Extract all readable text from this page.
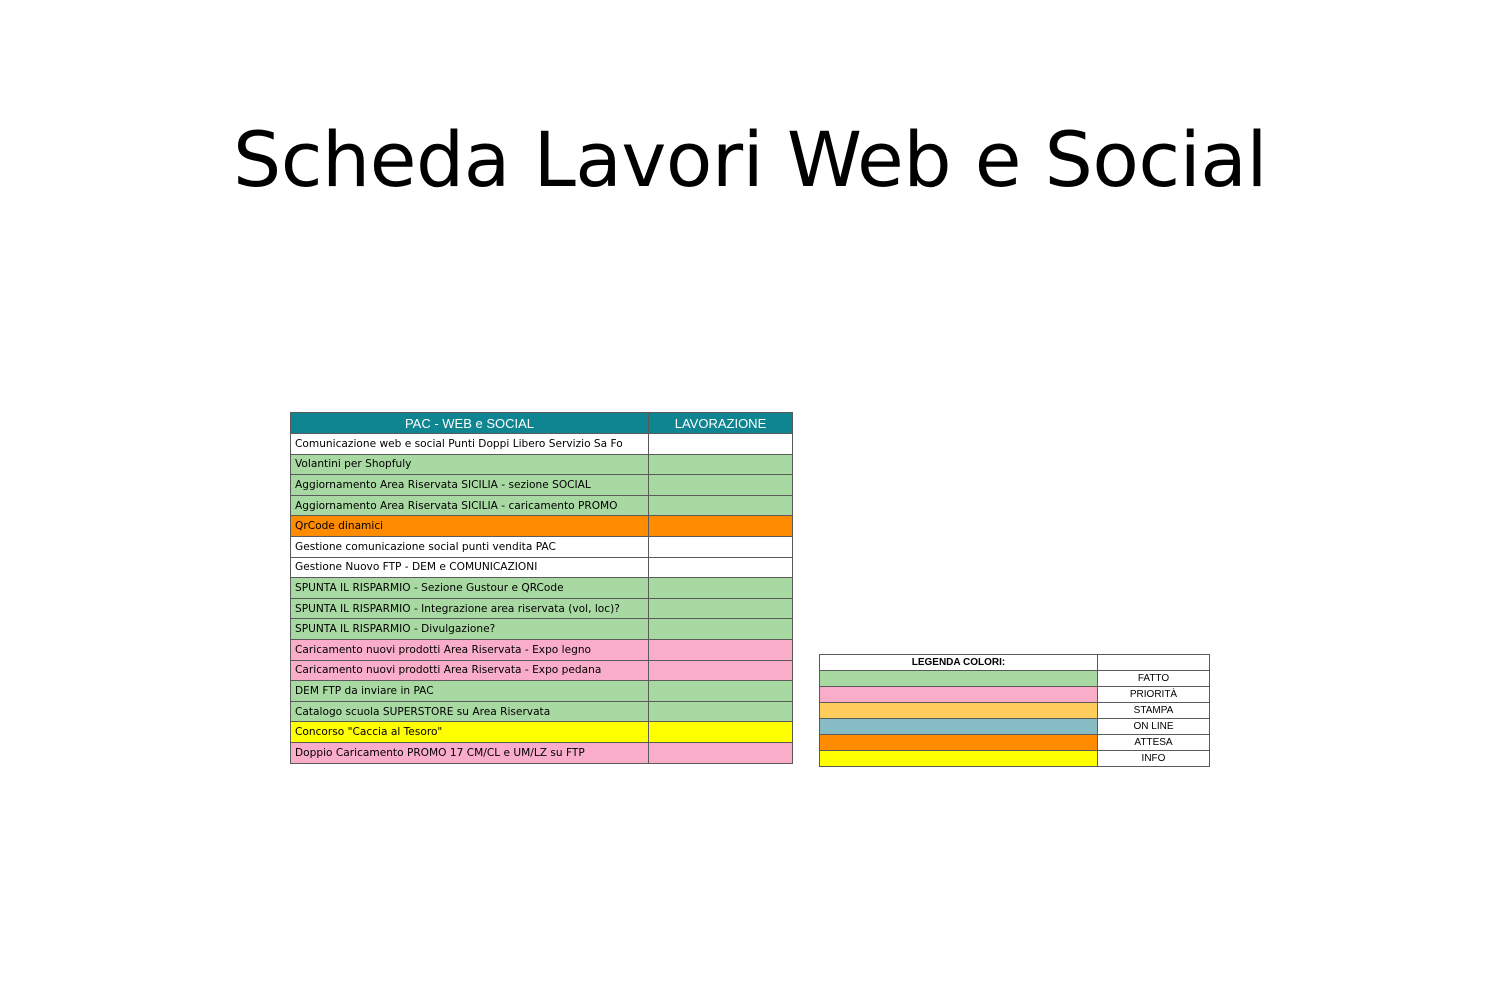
Scheda Lavori Web e Social
PAC - WEB e SOCIAL	LAVORAZIONE
Comunicazione web e social Punti Doppi Libero Servizio Sa Fo	
Volantini per Shopfuly	
Aggiornamento Area Riservata SICILIA - sezione SOCIAL	
Aggiornamento Area Riservata SICILIA - caricamento PROMO	
QrCode dinamici	
Gestione comunicazione social punti vendita PAC	
Gestione Nuovo FTP - DEM e COMUNICAZIONI	
SPUNTA IL RISPARMIO - Sezione Gustour e QRCode	
SPUNTA IL RISPARMIO - Integrazione area riservata (vol, loc)?	
SPUNTA IL RISPARMIO - Divulgazione?	
Caricamento nuovi prodotti Area Riservata - Expo legno	
Caricamento nuovi prodotti Area Riservata - Expo pedana	
DEM FTP da inviare in PAC	
Catalogo scuola SUPERSTORE su Area Riservata	
Concorso "Caccia al Tesoro"	
Doppio Caricamento PROMO 17 CM/CL e UM/LZ su FTP	
LEGENDA COLORI:	
	FATTO
	PRIORITÀ
	STAMPA
	ON LINE
	ATTESA
	INFO
